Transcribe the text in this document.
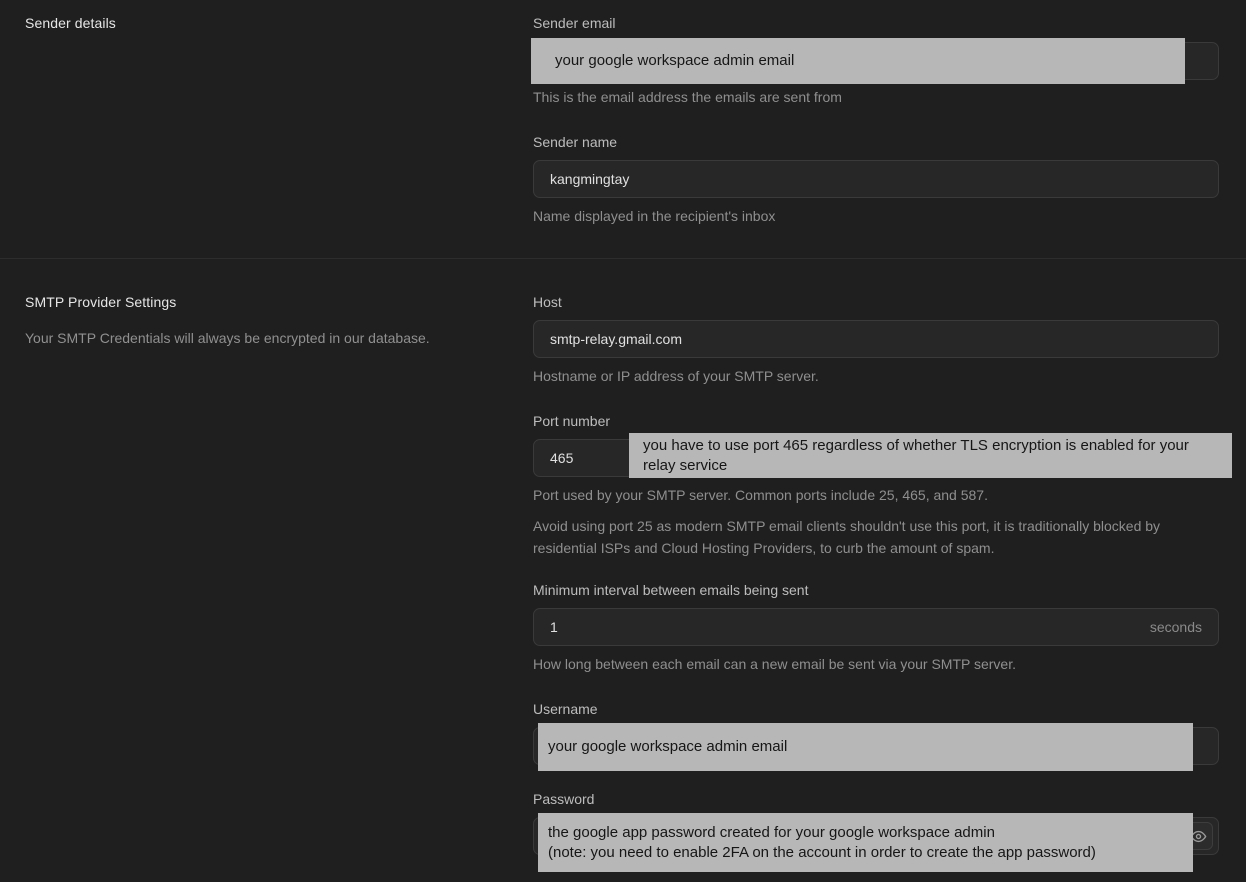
Sender details	Sender email
your google workspace admin email
This is the email address the emails are sent from
Sender name
kangmingtay
Name displayed in the recipient's inbox
SMTP Provider Settings
Your SMTP Credentials will always be encrypted in our database.
Host
smtp-relay.gmail.com
Hostname or IP address of your SMTP server.
Port number
465
you have to use port 465 regardless of whether TLS encryption is enabled for your relay service
Port used by your SMTP server. Common ports include 25, 465, and 587.
Avoid using port 25 as modern SMTP email clients shouldn't use this port, it is traditionally blocked by residential ISPs and Cloud Hosting Providers, to curb the amount of spam.
Minimum interval between emails being sent
1	seconds
How long between each email can a new email be sent via your SMTP server.
Username
your google workspace admin email
Password
the google app password created for your google workspace admin
(note: you need to enable 2FA on the account in order to create the app password)
